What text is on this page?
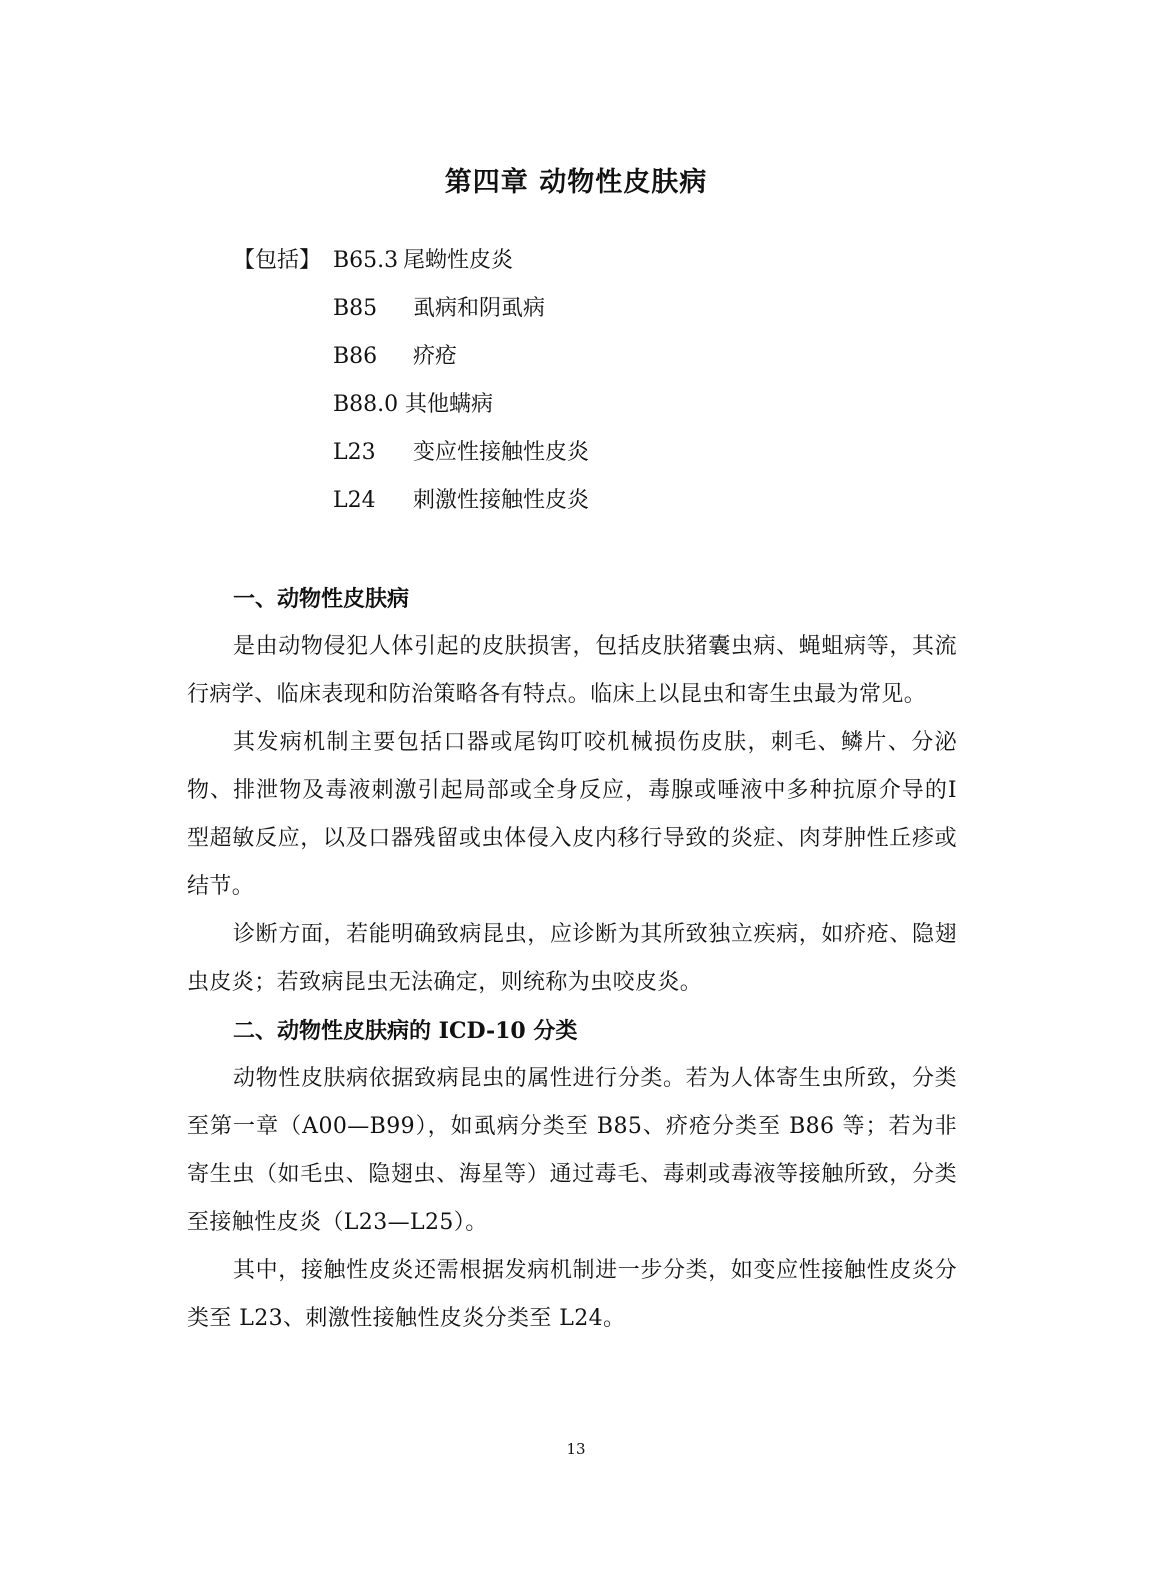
第四章 动物性皮肤病
【包括】 B65.3 尾蚴性皮炎
B85 虱病和阴虱病
B86 疥疮
B88.0 其他螨病
L23 变应性接触性皮炎
L24 刺激性接触性皮炎
一、动物性皮肤病

是由动物侵犯人体引起的皮肤损害，包括皮肤猪囊虫病、蝇蛆病等，其流行病学、临床表现和防治策略各有特点。临床上以昆虫和寄生虫最为常见。

其发病机制主要包括口器或尾钩叮咬机械损伤皮肤，刺毛、鳞片、分泌物、排泄物及毒液刺激引起局部或全身反应，毒腺或唾液中多种抗原介导的Ⅰ型超敏反应，以及口器残留或虫体侵入皮内移行导致的炎症、肉芽肿性丘疹或结节。

诊断方面，若能明确致病昆虫，应诊断为其所致独立疾病，如疥疮、隐翅虫皮炎；若致病昆虫无法确定，则统称为虫咬皮炎。

二、动物性皮肤病的 ICD-10 分类

动物性皮肤病依据致病昆虫的属性进行分类。若为人体寄生虫所致，分类至第一章（A00—B99），如虱病分类至 B85、疥疮分类至 B86 等；若为非寄生虫（如毛虫、隐翅虫、海星等）通过毒毛、毒刺或毒液等接触所致，分类至接触性皮炎（L23—L25）。

其中，接触性皮炎还需根据发病机制进一步分类，如变应性接触性皮炎分类至 L23、刺激性接触性皮炎分类至 L24。

13
